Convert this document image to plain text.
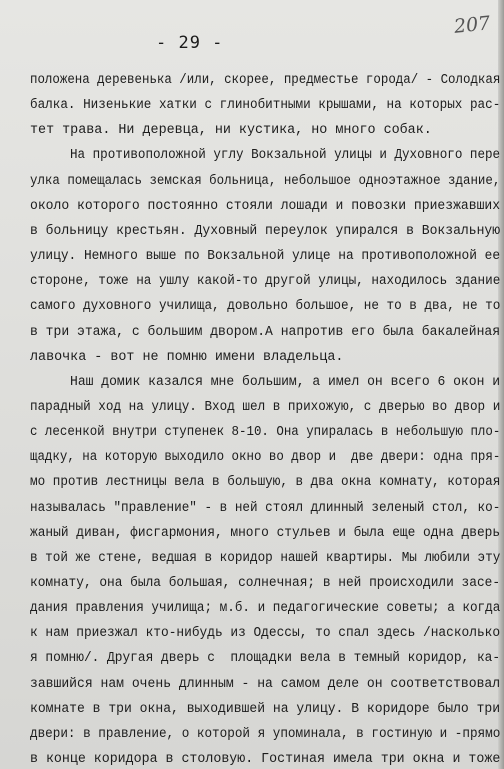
- 29 -
207

положена деревенька /или, скорее, предместье города/ - Солодкая

балка. Низенькие хатки с глинобитными крышами, на которых рас-

тет трава. Ни деревца, ни кустика, но много собак.

На противоположной углу Вокзальной улицы и Духовного пере

улка помещалась земская больница, небольшое одноэтажное здание,

около которого постоянно стояли лошади и повозки приезжавших

в больницу крестьян. Духовный переулок упирался в Вокзальную

улицу. Немного выше по Вокзальной улице на противоположной ее

стороне, тоже на ушлу какой-то другой улицы, находилось здание

самого духовного училища, довольно большое, не то в два, не то

в три этажа, с большим двором.А напротив его была бакалейная

лавочка - вот не помню имени владельца.

Наш домик казался мне большим, а имел он всего 6 окон и

парадный ход на улицу. Вход шел в прихожую, с дверью во двор и

с лесенкой внутри ступенек 8-10. Она упиралась в небольшую пло-

щадку, на которую выходило окно во двор и  две двери: одна пря-

мо против лестницы вела в большую, в два окна комнату, которая

называлась "правление" - в ней стоял длинный зеленый стол, ко-

жаный диван, фисгармония, много стульев и была еще одна дверь

в той же стене, ведшая в коридор нашей квартиры. Мы любили эту

комнату, она была большая, солнечная; в ней происходили засе-

дания правления училища; м.б. и педагогические советы; а когда

к нам приезжал кто-нибудь из Одессы, то спал здесь /насколько

я помню/. Другая дверь с  площадки вела в темный коридор, ка-

завшийся нам очень длинным - на самом деле он соответствовал

комнате в три окна, выходившей на улицу. В коридоре было три

двери: в правление, о которой я упоминала, в гостиную и -прямо
в конце коридора в столовую. Гостиная имела три окна и тоже
